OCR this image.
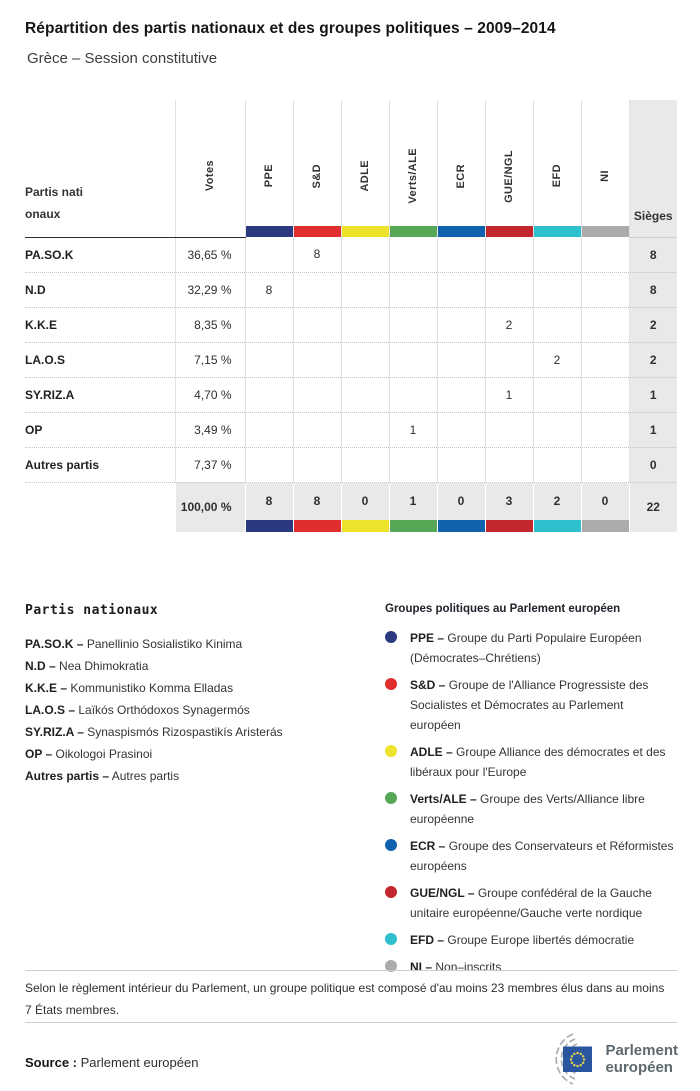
Répartition des partis nationaux et des groupes politiques – 2009–2014
Grèce – Session constitutive
Partis nationaux	Votes	PPE	S&D	ADLE	Verts/ALE	ECR	GUE/NGL	EFD	NI	Sièges
PA.SO.K	36,65 %		8							8
N.D	32,29 %	8								8
K.K.E	8,35 %						2			2
LA.O.S	7,15 %							2		2
SY.RIZ.A	4,70 %						1			1
OP	3,49 %				1					1
Autres partis	7,37 %									0
	100,00 %	8	8	0	1	0	3	2	0	22
Partis nationaux
PA.SO.K – Panellinio Sosialistiko Kinima
N.D – Nea Dhimokratia
K.K.E – Kommunistiko Komma Elladas
LA.O.S – Laïkós Orthódoxos Synagermós
SY.RIZ.A – Synaspismós Rizospastikís Aristerás
OP – Oikologoi Prasinoi
Autres partis – Autres partis
Groupes politiques au Parlement européen
PPE – Groupe du Parti Populaire Européen (Démocrates–Chrétiens)
S&D – Groupe de l'Alliance Progressiste des Socialistes et Démocrates au Parlement européen
ADLE – Groupe Alliance des démocrates et des libéraux pour l'Europe
Verts/ALE – Groupe des Verts/Alliance libre européenne
ECR – Groupe des Conservateurs et Réformistes européens
GUE/NGL – Groupe confédéral de la Gauche unitaire européenne/Gauche verte nordique
EFD – Groupe Europe libertés démocratie
NI – Non–inscrits

Selon le règlement intérieur du Parlement, un groupe politique est composé d'au moins 23 membres élus dans au moins 7 États membres.

Source : Parlement européen

Parlement
européen
